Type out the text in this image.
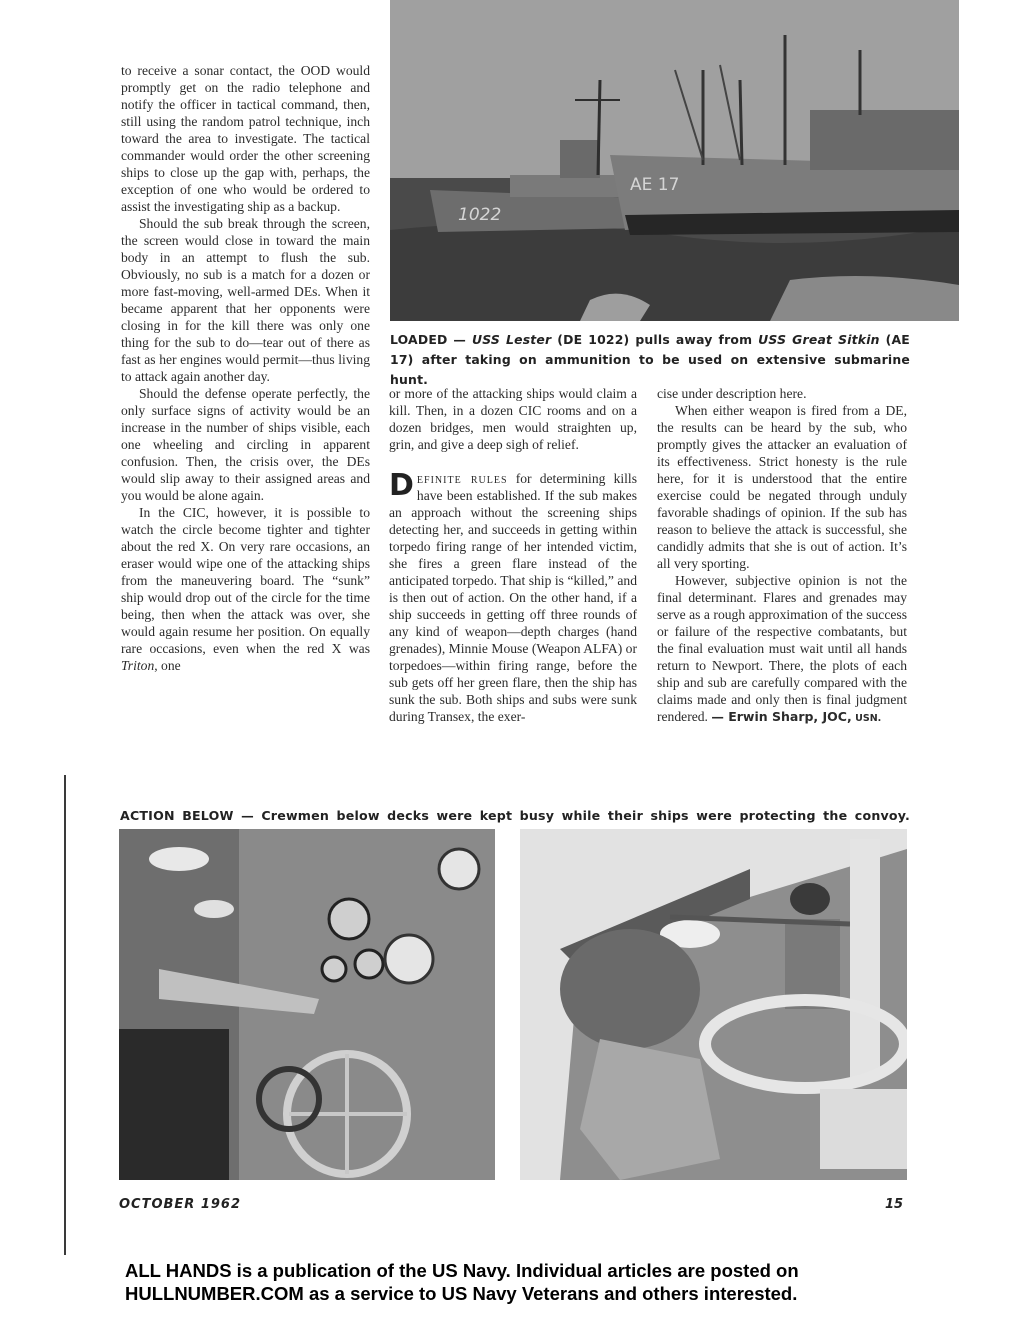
1022
AE 17
LOADED — USS Lester (DE 1022) pulls away from USS Great Sitkin (AE 17) after taking on ammunition to be used on extensive submarine hunt.

to receive a sonar contact, the OOD would promptly get on the radio telephone and notify the officer in tactical command, then, still using the random patrol technique, inch toward the area to investigate. The tactical commander would order the other screening ships to close up the gap with, perhaps, the exception of one who would be ordered to assist the investigating ship as a backup.

Should the sub break through the screen, the screen would close in toward the main body in an attempt to flush the sub. Obviously, no sub is a match for a dozen or more fast-moving, well-armed DEs. When it became apparent that her opponents were closing in for the kill there was only one thing for the sub to do—tear out of there as fast as her engines would permit—thus living to attack again another day.

Should the defense operate perfectly, the only surface signs of activity would be an increase in the number of ships visible, each one wheeling and circling in apparent confusion. Then, the crisis over, the DEs would slip away to their assigned areas and you would be alone again.

In the CIC, however, it is possible to watch the circle become tighter and tighter about the red X. On very rare occasions, an eraser would wipe one of the attacking ships from the maneuvering board. The “sunk” ship would drop out of the circle for the time being, then when the attack was over, she would again resume her position. On equally rare occasions, even when the red X was Triton, one

or more of the attacking ships would claim a kill. Then, in a dozen CIC rooms and on a dozen bridges, men would straighten up, grin, and give a deep sigh of relief.

Definite rules for determining kills have been established. If the sub makes an approach without the screening ships detecting her, and succeeds in getting within torpedo firing range of her intended victim, she fires a green flare instead of the anticipated torpedo. That ship is “killed,” and is then out of action. On the other hand, if a ship succeeds in getting off three rounds of any kind of weapon—depth charges (hand grenades), Minnie Mouse (Weapon ALFA) or torpedoes—within firing range, before the sub gets off her green flare, then the ship has sunk the sub. Both ships and subs were sunk during Transex, the exer-

cise under description here.

When either weapon is fired from a DE, the results can be heard by the sub, who promptly gives the attacker an evaluation of its effectiveness. Strict honesty is the rule here, for it is understood that the entire exercise could be negated through unduly favorable shadings of opinion. If the sub has reason to believe the attack is successful, she candidly admits that she is out of action. It’s all very sporting.

However, subjective opinion is not the final determinant. Flares and grenades may serve as a rough approximation of the success or failure of the respective combatants, but the final evaluation must wait until all hands return to Newport. There, the plots of each ship and sub are carefully compared with the claims made and only then is final judgment rendered. — Erwin Sharp, JOC, USN.

ACTION BELOW — Crewmen below decks were kept busy while their ships were protecting the convoy.
OCTOBER 1962	15
ALL HANDS is a publication of the US Navy. Individual articles are posted on
HULLNUMBER.COM as a service to US Navy Veterans and others interested.
